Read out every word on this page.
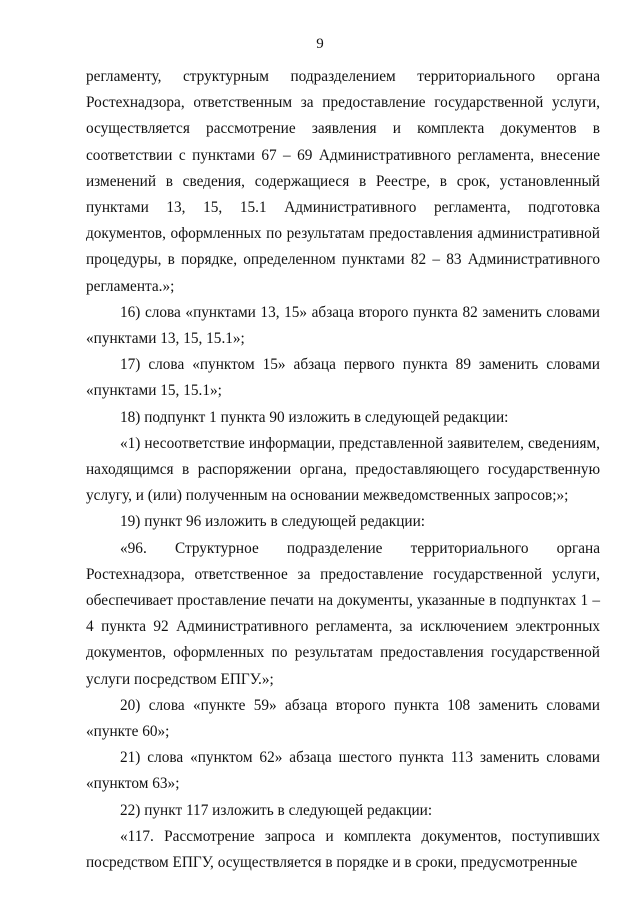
9

регламенту, структурным подразделением территориального органа Ростехнадзора, ответственным за предоставление государственной услуги, осуществляется рассмотрение заявления и комплекта документов в соответствии с пунктами 67 – 69 Административного регламента, внесение изменений в сведения, содержащиеся в Реестре, в срок, установленный пунктами 13, 15, 15.1 Административного регламента, подготовка документов, оформленных по результатам предоставления административной процедуры, в порядке, определенном пунктами 82 – 83 Административного регламента.»;

16) слова «пунктами 13, 15» абзаца второго пункта 82 заменить словами «пунктами 13, 15, 15.1»;

17) слова «пунктом 15» абзаца первого пункта 89 заменить словами «пунктами 15, 15.1»;

18) подпункт 1 пункта 90 изложить в следующей редакции:

«1) несоответствие информации, представленной заявителем, сведениям, находящимся в распоряжении органа, предоставляющего государственную услугу, и (или) полученным на основании межведомственных запросов;»;

19) пункт 96 изложить в следующей редакции:

«96. Структурное подразделение территориального органа Ростехнадзора, ответственное за предоставление государственной услуги, обеспечивает проставление печати на документы, указанные в подпунктах 1 – 4 пункта 92 Административного регламента, за исключением электронных документов, оформленных по результатам предоставления государственной услуги посредством ЕПГУ.»;

20) слова «пункте 59» абзаца второго пункта 108 заменить словами «пункте 60»;

21) слова «пунктом 62» абзаца шестого пункта 113 заменить словами «пунктом 63»;

22) пункт 117 изложить в следующей редакции:

«117. Рассмотрение запроса и комплекта документов, поступивших посредством ЕПГУ, осуществляется в порядке и в сроки, предусмотренные
